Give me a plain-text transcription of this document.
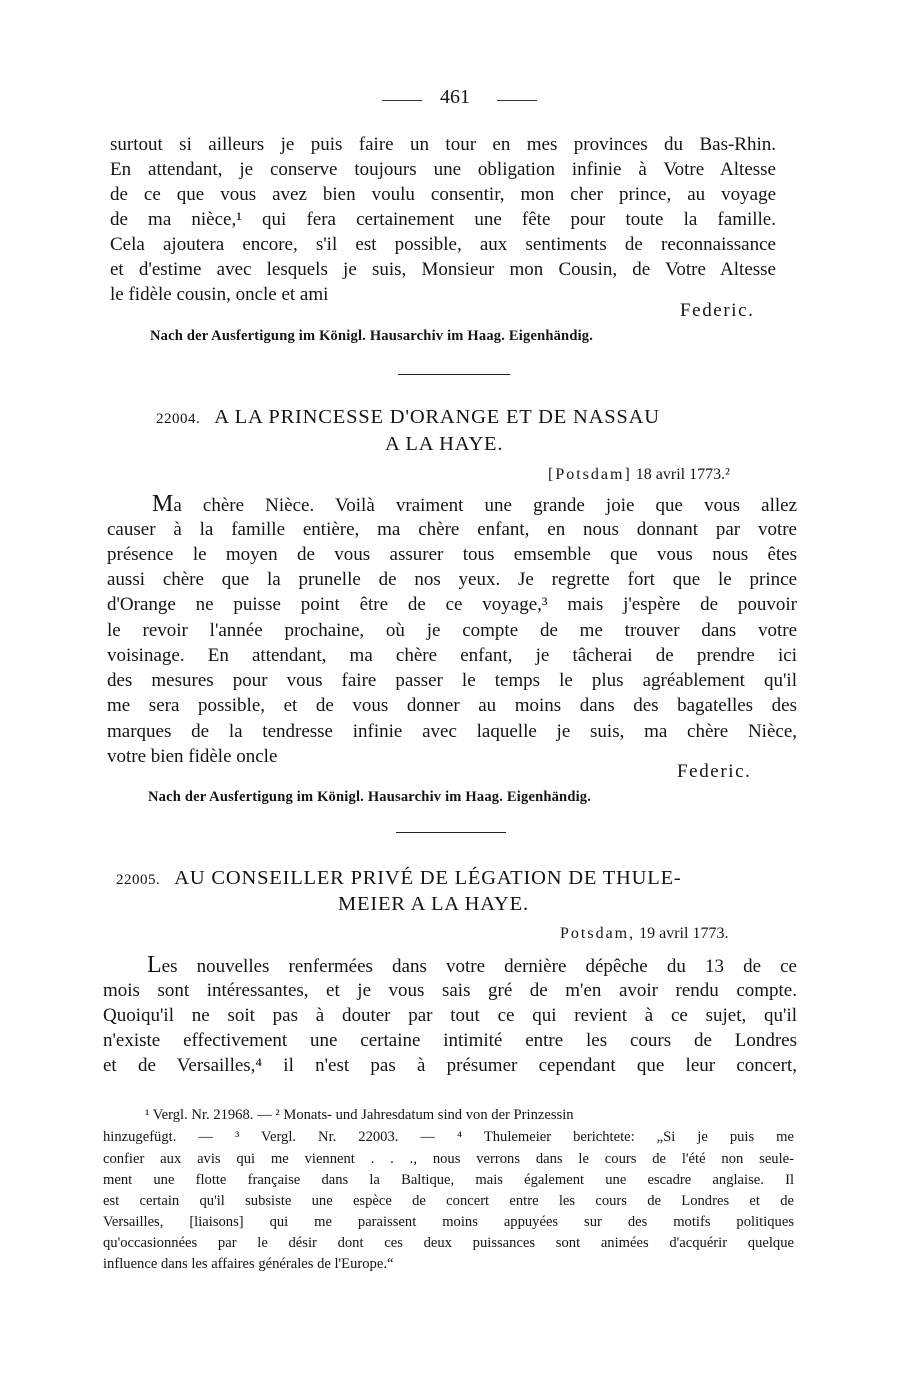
461
surtout si ailleurs je puis faire un tour en mes provinces du Bas-Rhin.
En attendant, je conserve toujours une obligation infinie à Votre Altesse
de ce que vous avez bien voulu consentir, mon cher prince, au voyage
de ma nièce,¹ qui fera certainement une fête pour toute la famille.
Cela ajoutera encore, s'il est possible, aux sentiments de reconnaissance
et d'estime avec lesquels je suis, Monsieur mon Cousin, de Votre Altesse
le fidèle cousin, oncle et ami
Federic.
Nach der Ausfertigung im Königl. Hausarchiv im Haag. Eigenhändig.
22004. A LA PRINCESSE D'ORANGE ET DE NASSAU
A LA HAYE.
[Potsdam] 18 avril 1773.²
Ma chère Nièce. Voilà vraiment une grande joie que vous allez
causer à la famille entière, ma chère enfant, en nous donnant par votre
présence le moyen de vous assurer tous emsemble que vous nous êtes
aussi chère que la prunelle de nos yeux. Je regrette fort que le prince
d'Orange ne puisse point être de ce voyage,³ mais j'espère de pouvoir
le revoir l'année prochaine, où je compte de me trouver dans votre
voisinage. En attendant, ma chère enfant, je tâcherai de prendre ici
des mesures pour vous faire passer le temps le plus agréablement qu'il
me sera possible, et de vous donner au moins dans des bagatelles des
marques de la tendresse infinie avec laquelle je suis, ma chère Nièce,
votre bien fidèle oncle
Federic.
Nach der Ausfertigung im Königl. Hausarchiv im Haag. Eigenhändig.
22005. AU CONSEILLER PRIVÉ DE LÉGATION DE THULE-
MEIER A LA HAYE.
Potsdam, 19 avril 1773.
Les nouvelles renfermées dans votre dernière dépêche du 13 de ce
mois sont intéressantes, et je vous sais gré de m'en avoir rendu compte.
Quoiqu'il ne soit pas à douter par tout ce qui revient à ce sujet, qu'il
n'existe effectivement une certaine intimité entre les cours de Londres
et de Versailles,⁴ il n'est pas à présumer cependant que leur concert,
¹ Vergl. Nr. 21968. — ² Monats- und Jahresdatum sind von der Prinzessin
hinzugefügt. — ³ Vergl. Nr. 22003. — ⁴ Thulemeier berichtete: „Si je puis me
confier aux avis qui me viennent . . ., nous verrons dans le cours de l'été non seule-
ment une flotte française dans la Baltique, mais également une escadre anglaise. Il
est certain qu'il subsiste une espèce de concert entre les cours de Londres et de
Versailles, [liaisons] qui me paraissent moins appuyées sur des motifs politiques
qu'occasionnées par le désir dont ces deux puissances sont animées d'acquérir quelque
influence dans les affaires générales de l'Europe.“
